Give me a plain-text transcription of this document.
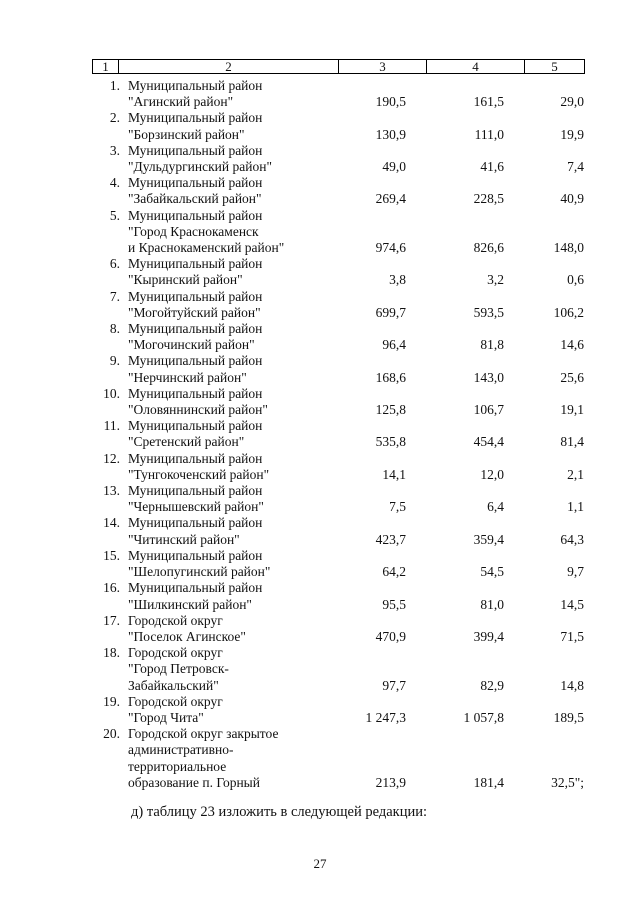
1	2	3	4	5
1. Муниципальный район
"Агинский район"	190,5	161,5	29,0
2. Муниципальный район
"Борзинский район"	130,9	111,0	19,9
3. Муниципальный район
"Дульдургинский район"	49,0	41,6	7,4
4. Муниципальный район
"Забайкальский район"	269,4	228,5	40,9
5. Муниципальный район
"Город Краснокаменск
и Краснокаменский район"	974,6	826,6	148,0
6. Муниципальный район
"Кыринский район"	3,8	3,2	0,6
7. Муниципальный район
"Могойтуйский район"	699,7	593,5	106,2
8. Муниципальный район
"Могочинский район"	96,4	81,8	14,6
9. Муниципальный район
"Нерчинский район"	168,6	143,0	25,6
10. Муниципальный район
"Оловяннинский район"	125,8	106,7	19,1
11. Муниципальный район
"Сретенский район"	535,8	454,4	81,4
12. Муниципальный район
"Тунгокоченский район"	14,1	12,0	2,1
13. Муниципальный район
"Чернышевский район"	7,5	6,4	1,1
14. Муниципальный район
"Читинский район"	423,7	359,4	64,3
15. Муниципальный район
"Шелопугинский район"	64,2	54,5	9,7
16. Муниципальный район
"Шилкинский район"	95,5	81,0	14,5
17. Городской округ
"Поселок Агинское"	470,9	399,4	71,5
18. Городской округ
"Город Петровск-
Забайкальский"	97,7	82,9	14,8
19. Городской округ
"Город Чита"	1 247,3	1 057,8	189,5
20. Городской округ закрытое
административно-
территориальное
образование п. Горный	213,9	181,4	32,5";
д) таблицу 23 изложить в следующей редакции:
27
